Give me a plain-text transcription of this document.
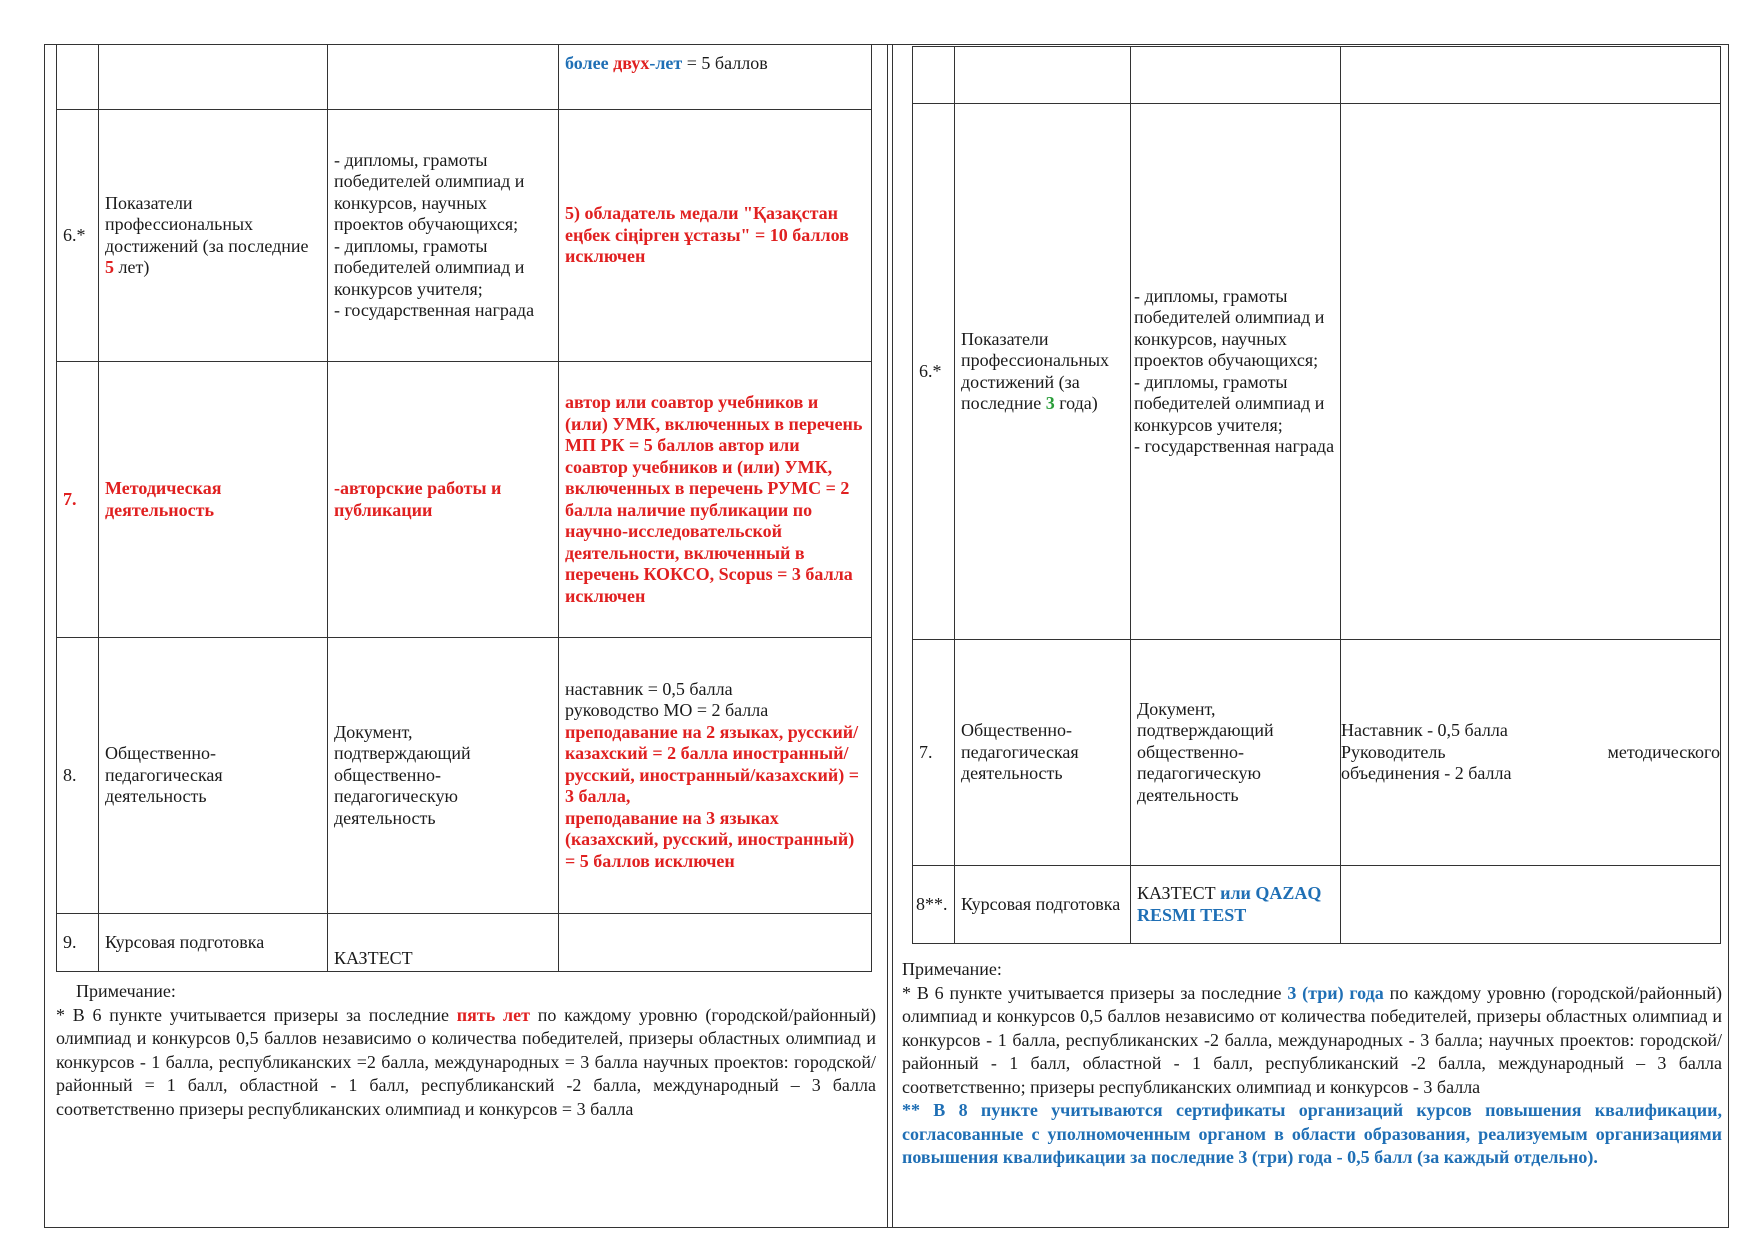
			более двух-лет = 5 баллов
6.*	Показатели профессиональных достижений (за последние 5 лет)	- дипломы, грамоты победителей олимпиад и конкурсов, научных проектов обучающихся;
- дипломы, грамоты победителей олимпиад и конкурсов учителя;
- государственная награда	5) обладатель медали "Қазақстан еңбек сіңірген ұстазы" = 10 баллов исключен
7.	Методическая деятельность	-авторские работы и публикации	автор или соавтор учебников и (или) УМК, включенных в перечень МП РК = 5 баллов автор или соавтор учебников и (или) УМК, включенных в перечень РУМС = 2 балла наличие публикации по научно-исследовательской деятельности, включенный в перечень КОКСО, Scopus = 3 балла исключен
8.	Общественно-педагогическая деятельность	Документ, подтверждающий общественно-педагогическую деятельность	наставник = 0,5 балла
руководство МО = 2 балла
преподавание на 2 языках, русский/казахский = 2 балла иностранный/русский, иностранный/казахский) = 3 балла,
преподавание на 3 языках (казахский, русский, иностранный) = 5 баллов исключен

9.	Курсовая подготовка	КАЗТЕСТ	

6.*	Показатели профессиональных достижений (за последние 3 года)	- дипломы, грамоты победителей олимпиад и конкурсов, научных проектов обучающихся;
- дипломы, грамоты победителей олимпиад и конкурсов учителя;
- государственная награда	
7.	Общественно-педагогическая деятельность	Документ, подтверждающий общественно-педагогическую деятельность	Наставник - 0,5 балла
Руководитель методического
объединения - 2 балла

8**.	Курсовая подготовка	КАЗТЕСТ или QAZAQ RESMI TEST	

Примечание:

* В 6 пункте учитывается призеры за последние пять лет по каждому уровню (городской/районный) олимпиад и конкурсов 0,5 баллов независимо о количества победителей, призеры областных олимпиад и конкурсов - 1 балла, республиканских =2 балла, международных = 3 балла научных проектов: городской/районный = 1 балл, областной - 1 балл, республиканский -2 балла, международный – 3 балла соответственно призеры республиканских олимпиад и конкурсов = 3 балла

Примечание:

* В 6 пункте учитывается призеры за последние 3 (три) года по каждому уровню (городской/районный) олимпиад и конкурсов 0,5 баллов независимо от количества победителей, призеры областных олимпиад и конкурсов - 1 балла, республиканских -2 балла, международных - 3 балла; научных проектов: городской/районный - 1 балл, областной - 1 балл, республиканский -2 балла, международный – 3 балла соответственно; призеры республиканских олимпиад и конкурсов - 3 балла

** В 8 пункте учитываются сертификаты организаций курсов повышения квалификации, согласованные с уполномоченным органом в области образования, реализуемым организациями повышения квалификации за последние 3 (три) года - 0,5 балл (за каждый отдельно).
